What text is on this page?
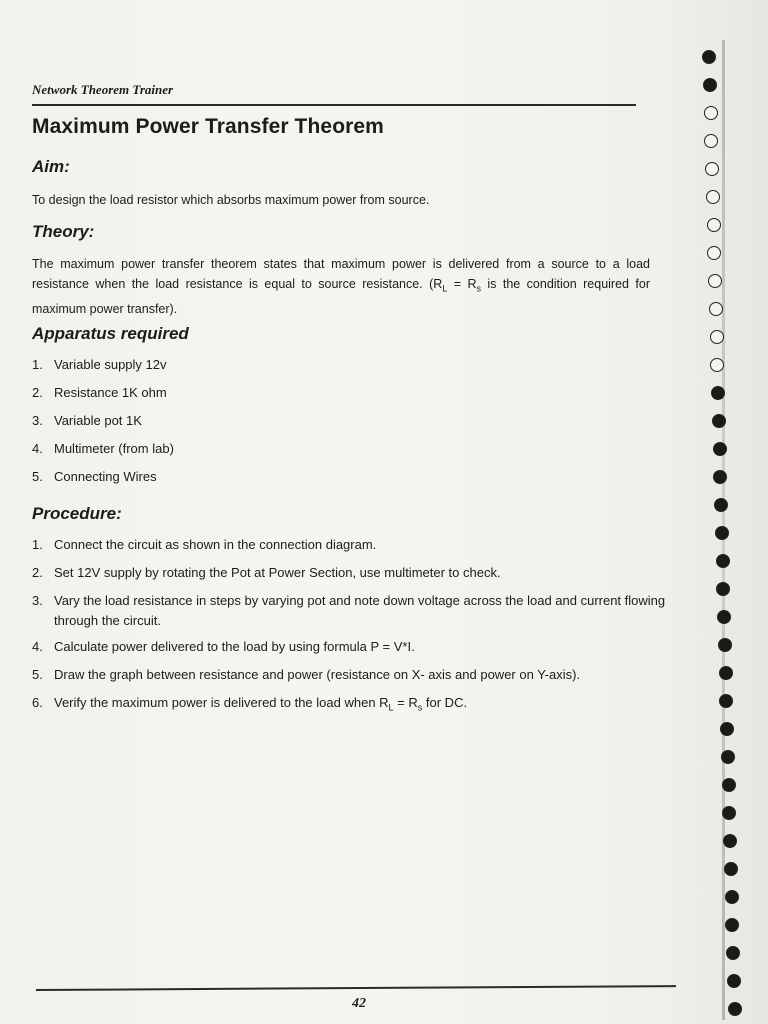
Network Theorem Trainer
Maximum Power Transfer Theorem
Aim:
To design the load resistor which absorbs maximum power from source.
Theory:
The maximum power transfer theorem states that maximum power is delivered from a source to a load resistance when the load resistance is equal to source resistance. ($R_L = R_s$ is the condition required for maximum power transfer).
Apparatus required
1. Variable supply 12v
2. Resistance 1K ohm
3. Variable pot 1K
4. Multimeter (from lab)
5. Connecting Wires
Procedure:
1. Connect the circuit as shown in the connection diagram.
2. Set 12V supply by rotating the Pot at Power Section, use multimeter to check.
3. Vary the load resistance in steps by varying pot and note down voltage across the load and current flowing through the circuit.
4. Calculate power delivered to the load by using formula P = V*I.
5. Draw the graph between resistance and power (resistance on X- axis and power on Y-axis).
6. Verify the maximum power is delivered to the load when $R_L = R_s$ for DC.
42
